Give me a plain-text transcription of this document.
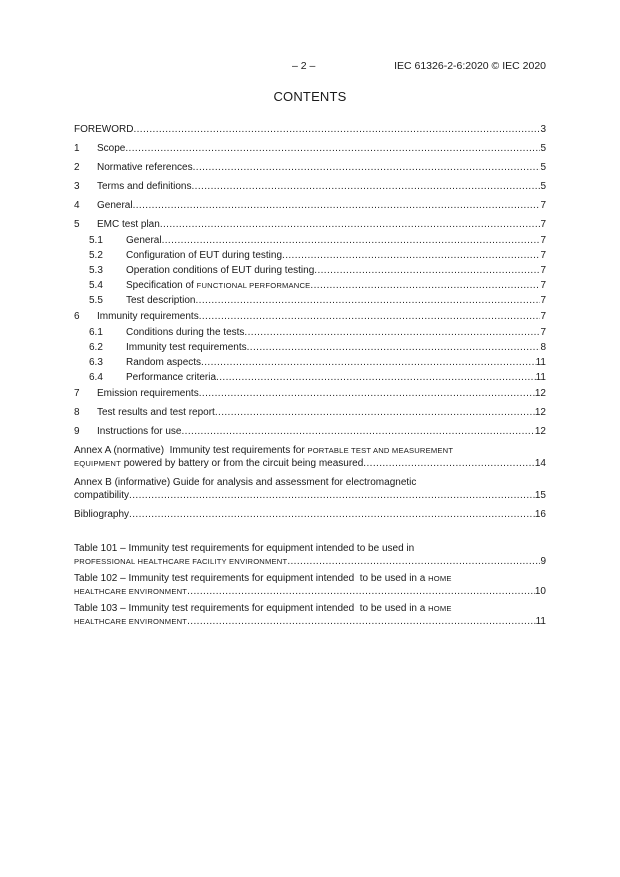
– 2 –	IEC 61326-2-6:2020 © IEC 2020
CONTENTS
FOREWORD .....	3
1	Scope .....	5
2	Normative references .....	5
3	Terms and definitions .....	5
4	General .....	7
5	EMC test plan .....	7
5.1	General .....	7
5.2	Configuration of EUT during testing .....	7
5.3	Operation conditions of EUT during testing .....	7
5.4	Specification of FUNCTIONAL PERFORMANCE .....	7
5.5	Test description .....	7
6	Immunity requirements .....	7
6.1	Conditions during the tests .....	7
6.2	Immunity test requirements .....	8
6.3	Random aspects .....	11
6.4	Performance criteria .....	11
7	Emission requirements .....	12
8	Test results and test report .....	12
9	Instructions for use .....	12
Annex A (normative)  Immunity test requirements for PORTABLE TEST AND MEASUREMENT
EQUIPMENT powered by battery or from the circuit being measured .....	14
Annex B (informative) Guide for analysis and assessment for electromagnetic
compatibility .....	15
Bibliography .....	16
Table 101 – Immunity test requirements for equipment intended to be used in
PROFESSIONAL HEALTHCARE FACILITY ENVIRONMENT .....	9
Table 102 – Immunity test requirements for equipment intended  to be used in a HOME
HEALTHCARE ENVIRONMENT .....	10
Table 103 – Immunity test requirements for equipment intended  to be used in a HOME
HEALTHCARE ENVIRONMENT .....	11
